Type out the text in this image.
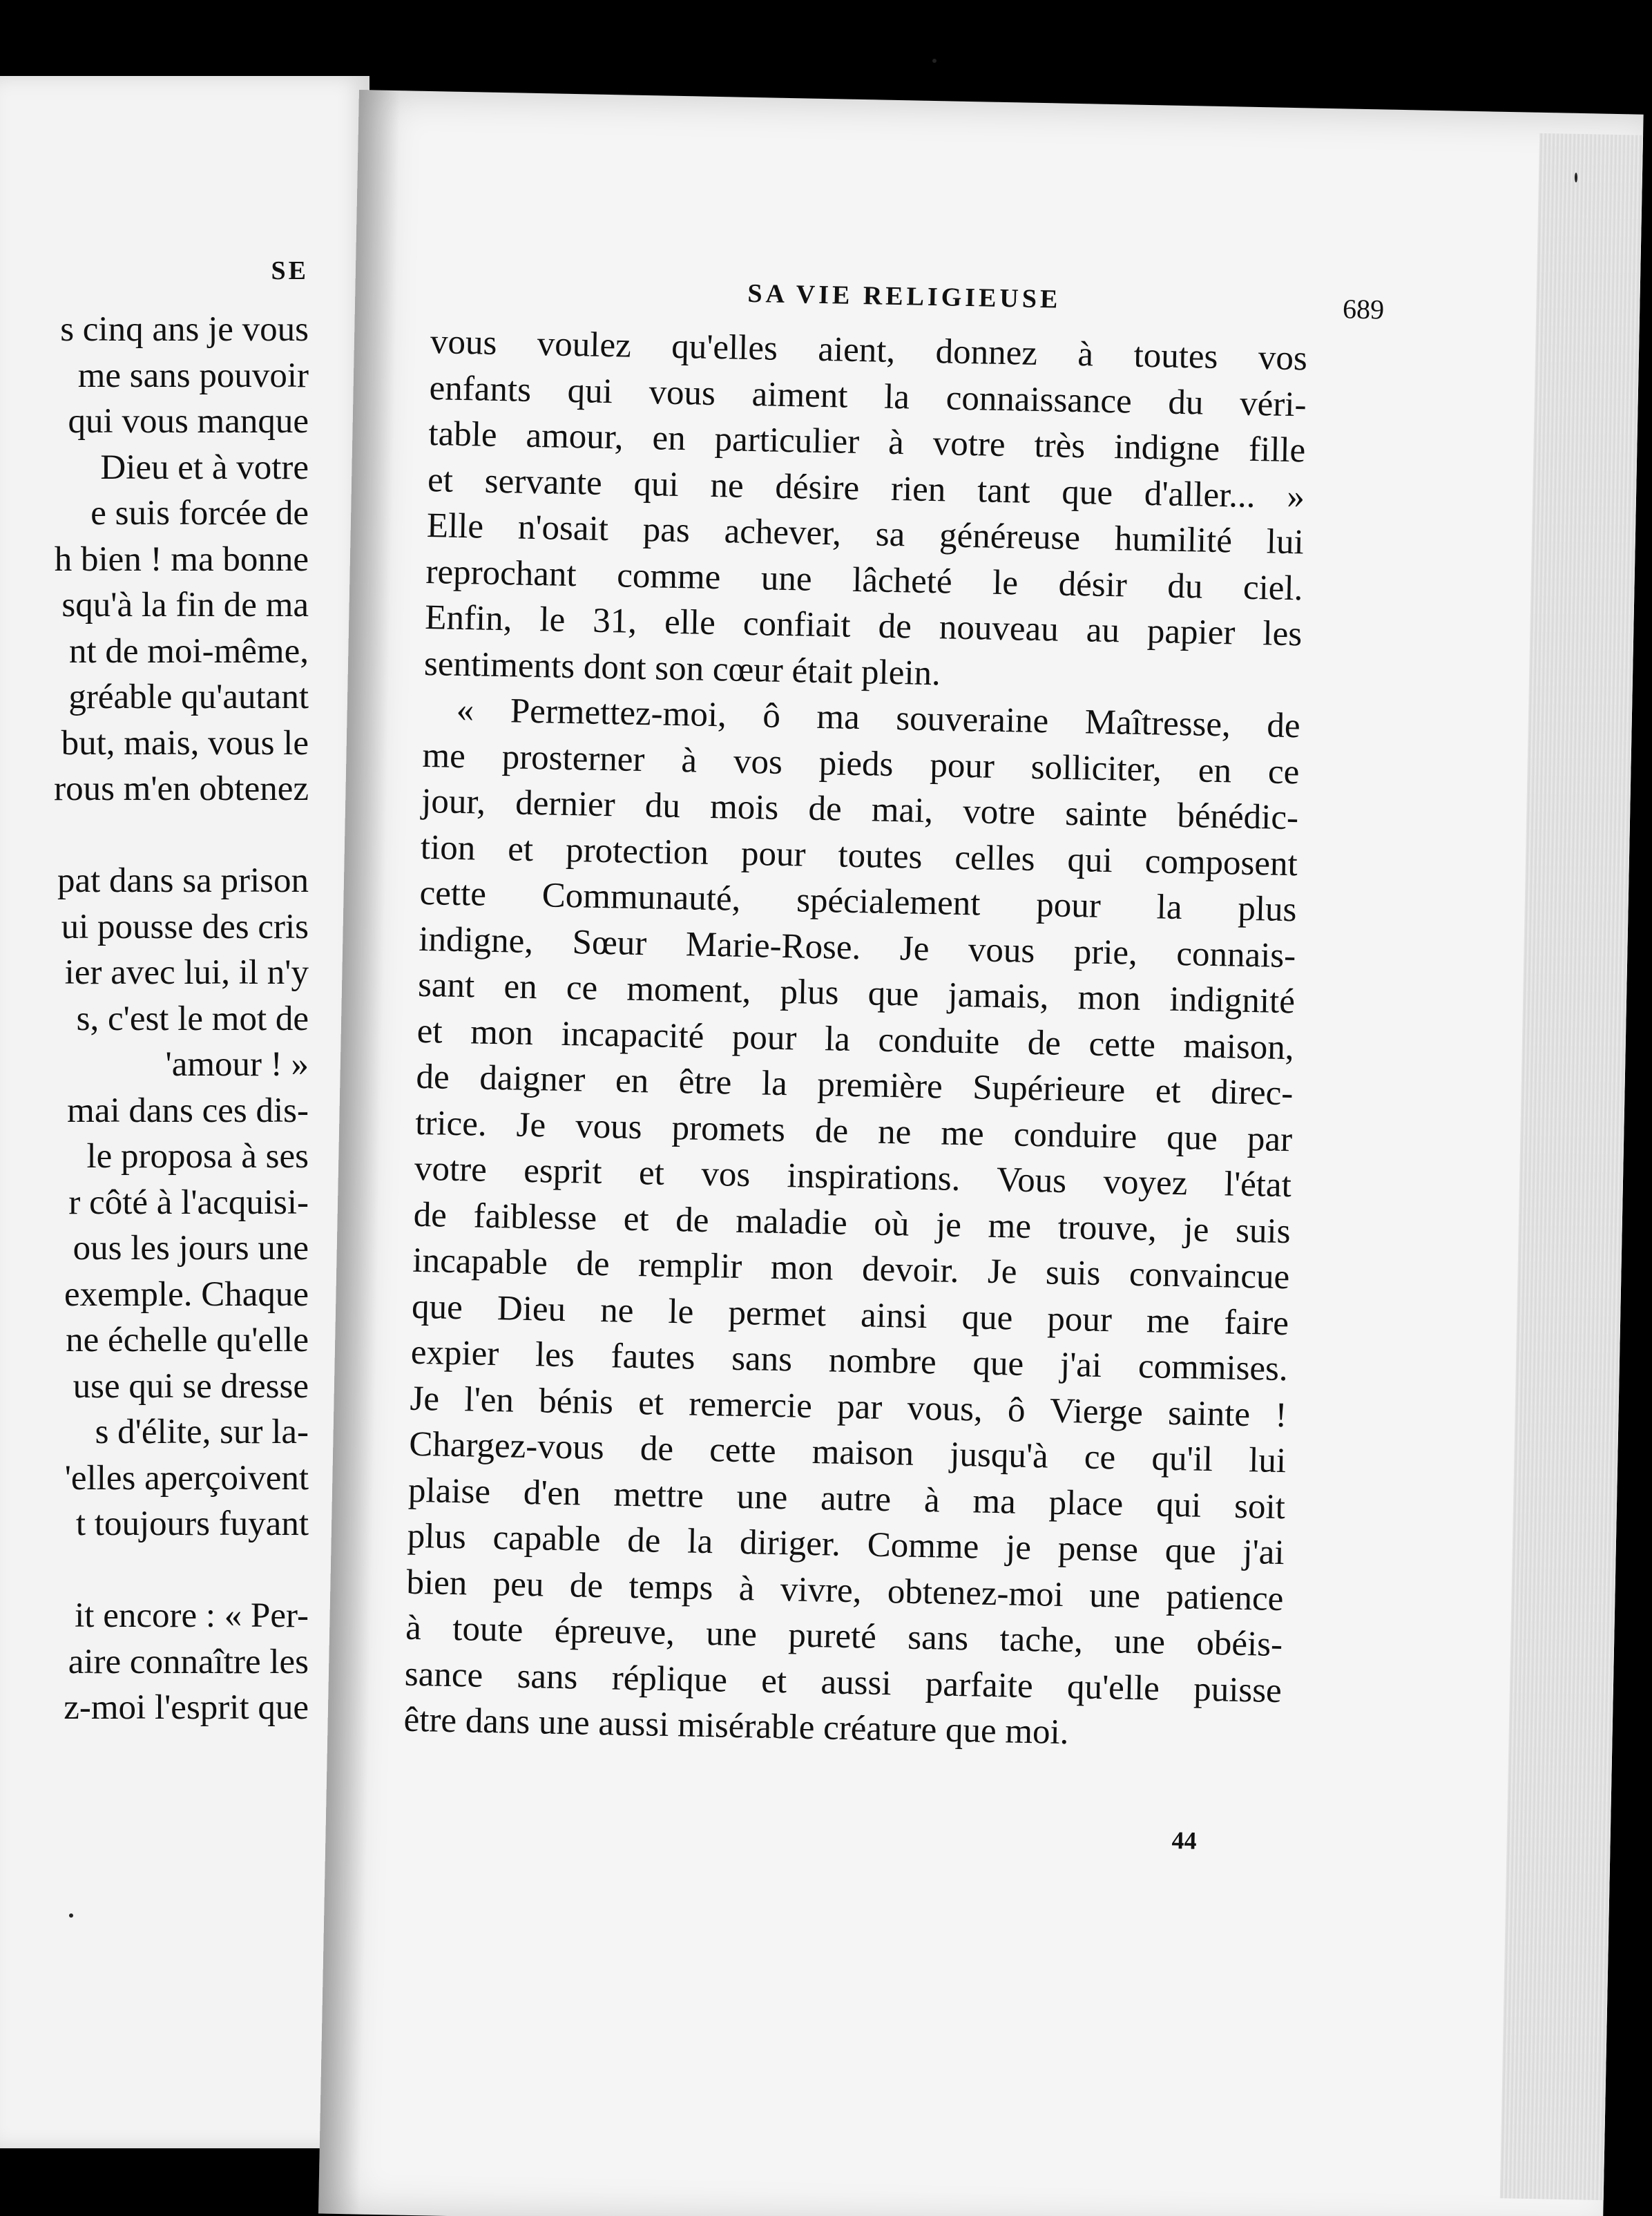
SE
s cinq ans je vous
me sans pouvoir
qui vous manque
Dieu et à votre
e suis forcée de
h bien ! ma bonne
squ'à la fin de ma
nt de moi-même,
gréable qu'autant
but, mais, vous le
rous m'en obtenez
pat dans sa prison
ui pousse des cris
ier avec lui, il n'y
s, c'est le mot de
'amour ! »
mai dans ces dis-
le proposa à ses
r côté à l'acquisi-
ous les jours une
exemple. Chaque
ne échelle qu'elle
use qui se dresse
s d'élite, sur la-
'elles aperçoivent
t toujours fuyant
it encore : « Per-
aire connaître les
z-moi l'esprit que
SA VIE RELIGIEUSE	689
vous voulez qu'elles aient, donnez à toutes vos
enfants qui vous aiment la connaissance du véri-
table amour, en particulier à votre très indigne fille
et servante qui ne désire rien tant que d'aller... »
Elle n'osait pas achever, sa généreuse humilité lui
reprochant comme une lâcheté le désir du ciel.
Enfin, le 31, elle confiait de nouveau au papier les
sentiments dont son cœur était plein.
« Permettez-moi, ô ma souveraine Maîtresse, de
me prosterner à vos pieds pour solliciter, en ce
jour, dernier du mois de mai, votre sainte bénédic-
tion et protection pour toutes celles qui composent
cette Communauté, spécialement pour la plus
indigne, Sœur Marie-Rose. Je vous prie, connais-
sant en ce moment, plus que jamais, mon indignité
et mon incapacité pour la conduite de cette maison,
de daigner en être la première Supérieure et direc-
trice. Je vous promets de ne me conduire que par
votre esprit et vos inspirations. Vous voyez l'état
de faiblesse et de maladie où je me trouve, je suis
incapable de remplir mon devoir. Je suis convaincue
que Dieu ne le permet ainsi que pour me faire
expier les fautes sans nombre que j'ai commises.
Je l'en bénis et remercie par vous, ô Vierge sainte !
Chargez-vous de cette maison jusqu'à ce qu'il lui
plaise d'en mettre une autre à ma place qui soit
plus capable de la diriger. Comme je pense que j'ai
bien peu de temps à vivre, obtenez-moi une patience
à toute épreuve, une pureté sans tache, une obéis-
sance sans réplique et aussi parfaite qu'elle puisse
être dans une aussi misérable créature que moi.
44
